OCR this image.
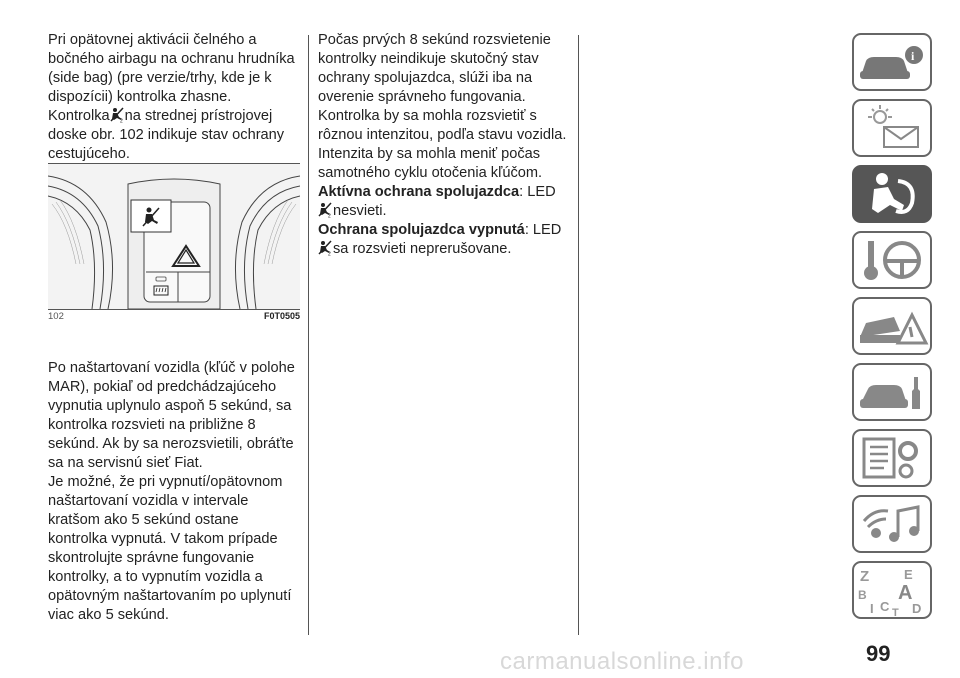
Pri opätovnej aktivácii čelného a bočného airbagu na ochranu hrudníka (side bag) (pre verzie/trhy, kde je k dispozícii) kontrolka zhasne.

Kontrolka 2 na strednej prístrojovej doske obr. 102 indikuje stav ochrany cestujúceho.

Po naštartovaní vozidla (kľúč v polohe MAR), pokiaľ od predchádzajúceho vypnutia uplynulo aspoň 5 sekúnd, sa kontrolka rozsvieti na približne 8 sekúnd. Ak by sa nerozsvietili, obráťte sa na servisnú sieť Fiat.

Je možné, že pri vypnutí/opätovnom naštartovaní vozidla v intervale kratšom ako 5 sekúnd ostane kontrolka vypnutá. V takom prípade skontrolujte správne fungovanie kontrolky, a to vypnutím vozidla a opätovným naštartovaním po uplynutí viac ako 5 sekúnd.

102	F0T0505

Počas prvých 8 sekúnd rozsvietenie kontrolky neindikuje skutočný stav ochrany spolujazdca, slúži iba na overenie správneho fungovania. Kontrolka by sa mohla rozsvietiť s rôznou intenzitou, podľa stavu vozidla. Intenzita by sa mohla meniť počas samotného cyklu otočenia kľúčom.

Aktívna ochrana spolujazdca: LED

2 nesvieti.

Ochrana spolujazdca vypnutá: LED

2 sa rozsvieti neprerušovane.

i
Z	E
B A
I C D
T
carmanualsonline.info	99
